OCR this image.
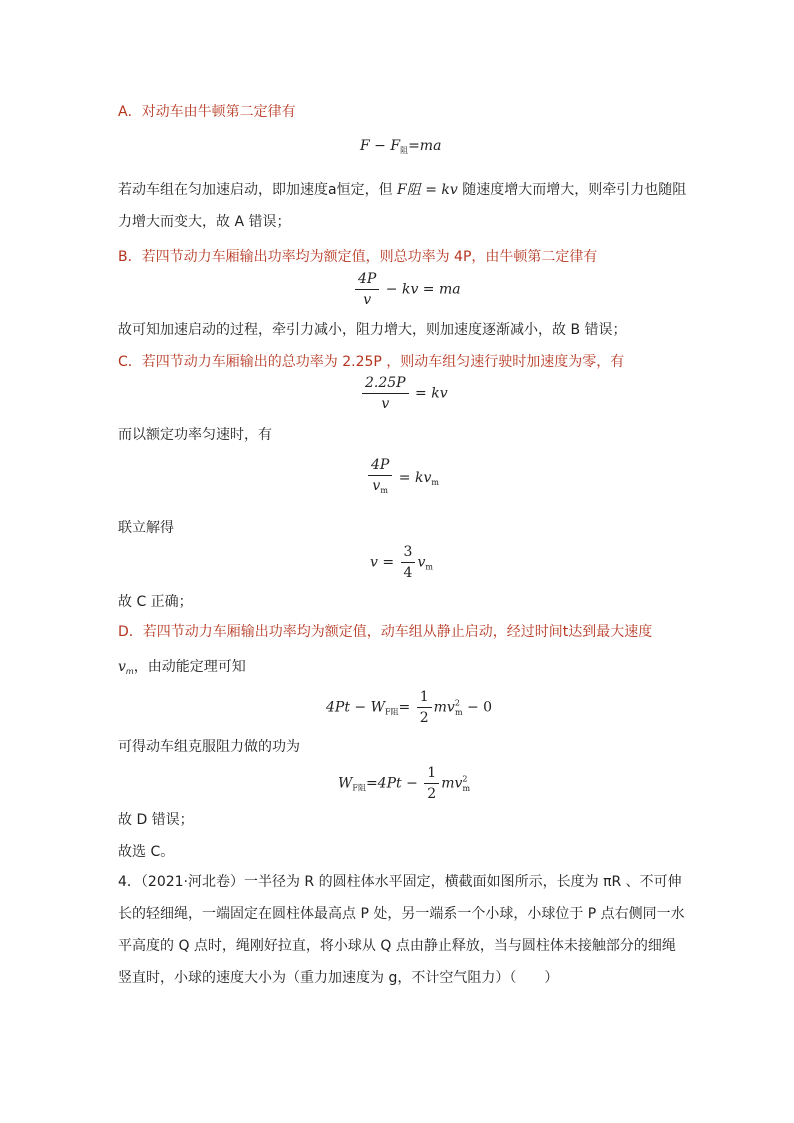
A．对动车由牛顿第二定律有
$F - F_阻=ma$
若动车组在匀加速启动，即加速度a恒定，但 F阻 = kv 随速度增大而增大，则牵引力也随阻
力增大而变大，故 A 错误；
B．若四节动力车厢输出功率均为额定值，则总功率为 4P，由牛顿第二定律有
$\frac{4P}{v}$ − kv = ma
故可知加速启动的过程，牵引力减小，阻力增大，则加速度逐渐减小，故 B 错误；
C．若四节动力车厢输出的总功率为 2.25P ，则动车组匀速行驶时加速度为零，有
$\frac{2.25P}{v}$ = kv
而以额定功率匀速时，有
$\frac{4P}{v_m} = kv_m$
联立解得
$v = \frac{3}{4} v_m$
故 C 正确；
D．若四节动力车厢输出功率均为额定值，动车组从静止启动，经过时间t达到最大速度
$v_m$，由动能定理可知
$4Pt - W_{F阻}= \frac{1}{2} mv^2_m - 0$
可得动车组克服阻力做的功为
$W_{F阻}=4Pt - \frac{1}{2} mv^2_m$
故 D 错误；
故选 C。
4．（2021·河北卷）一半径为 R 的圆柱体水平固定，横截面如图所示，长度为 πR 、不可伸
长的轻细绳，一端固定在圆柱体最高点 P 处，另一端系一个小球，小球位于 P 点右侧同一水
平高度的 Q 点时，绳刚好拉直，将小球从 Q 点由静止释放，当与圆柱体未接触部分的细绳
竖直时，小球的速度大小为（重力加速度为 g，不计空气阻力）（　　）
